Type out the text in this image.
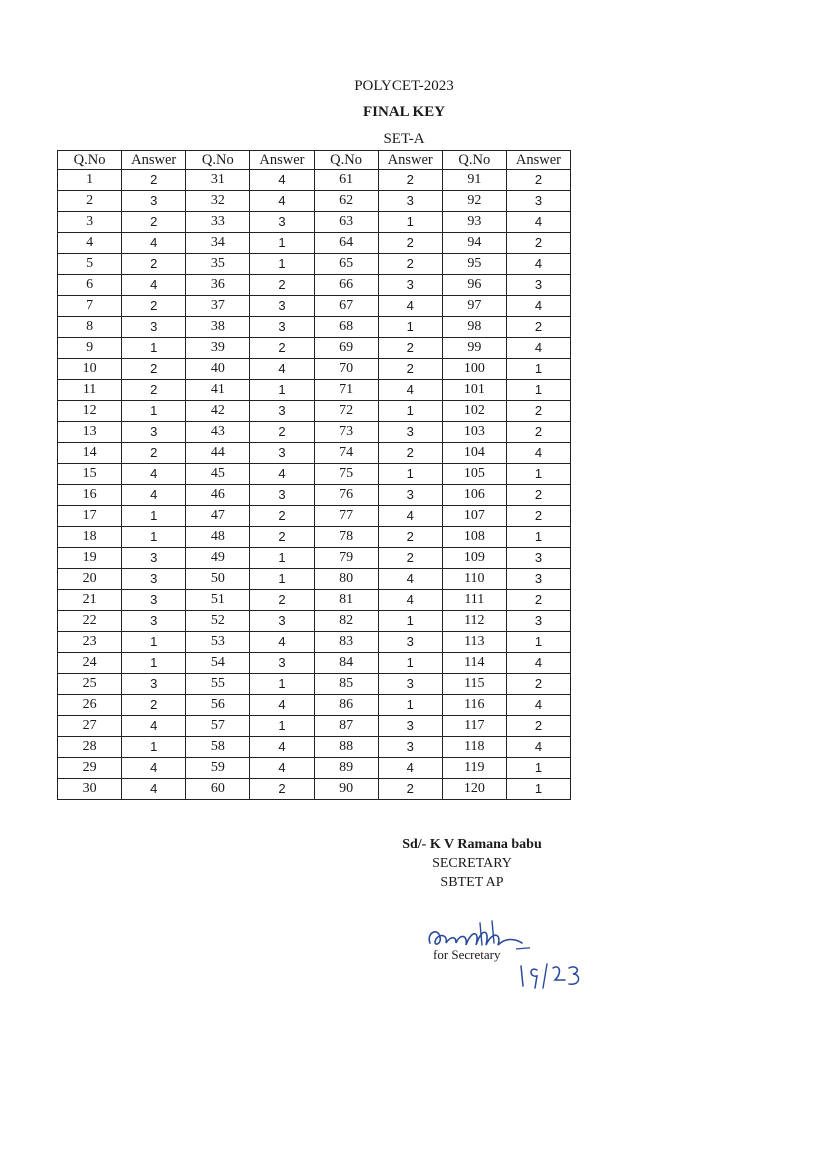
POLYCET-2023
FINAL KEY
SET-A
Q.No	Answer	Q.No	Answer	Q.No	Answer	Q.No	Answer
1	2	31	4	61	2	91	2
2	3	32	4	62	3	92	3
3	2	33	3	63	1	93	4
4	4	34	1	64	2	94	2
5	2	35	1	65	2	95	4
6	4	36	2	66	3	96	3
7	2	37	3	67	4	97	4
8	3	38	3	68	1	98	2
9	1	39	2	69	2	99	4
10	2	40	4	70	2	100	1
11	2	41	1	71	4	101	1
12	1	42	3	72	1	102	2
13	3	43	2	73	3	103	2
14	2	44	3	74	2	104	4
15	4	45	4	75	1	105	1
16	4	46	3	76	3	106	2
17	1	47	2	77	4	107	2
18	1	48	2	78	2	108	1
19	3	49	1	79	2	109	3
20	3	50	1	80	4	110	3
21	3	51	2	81	4	111	2
22	3	52	3	82	1	112	3
23	1	53	4	83	3	113	1
24	1	54	3	84	1	114	4
25	3	55	1	85	3	115	2
26	2	56	4	86	1	116	4
27	4	57	1	87	3	117	2
28	1	58	4	88	3	118	4
29	4	59	4	89	4	119	1
30	4	60	2	90	2	120	1
Sd/- K V Ramana babu
SECRETARY
SBTET AP
for Secretary
